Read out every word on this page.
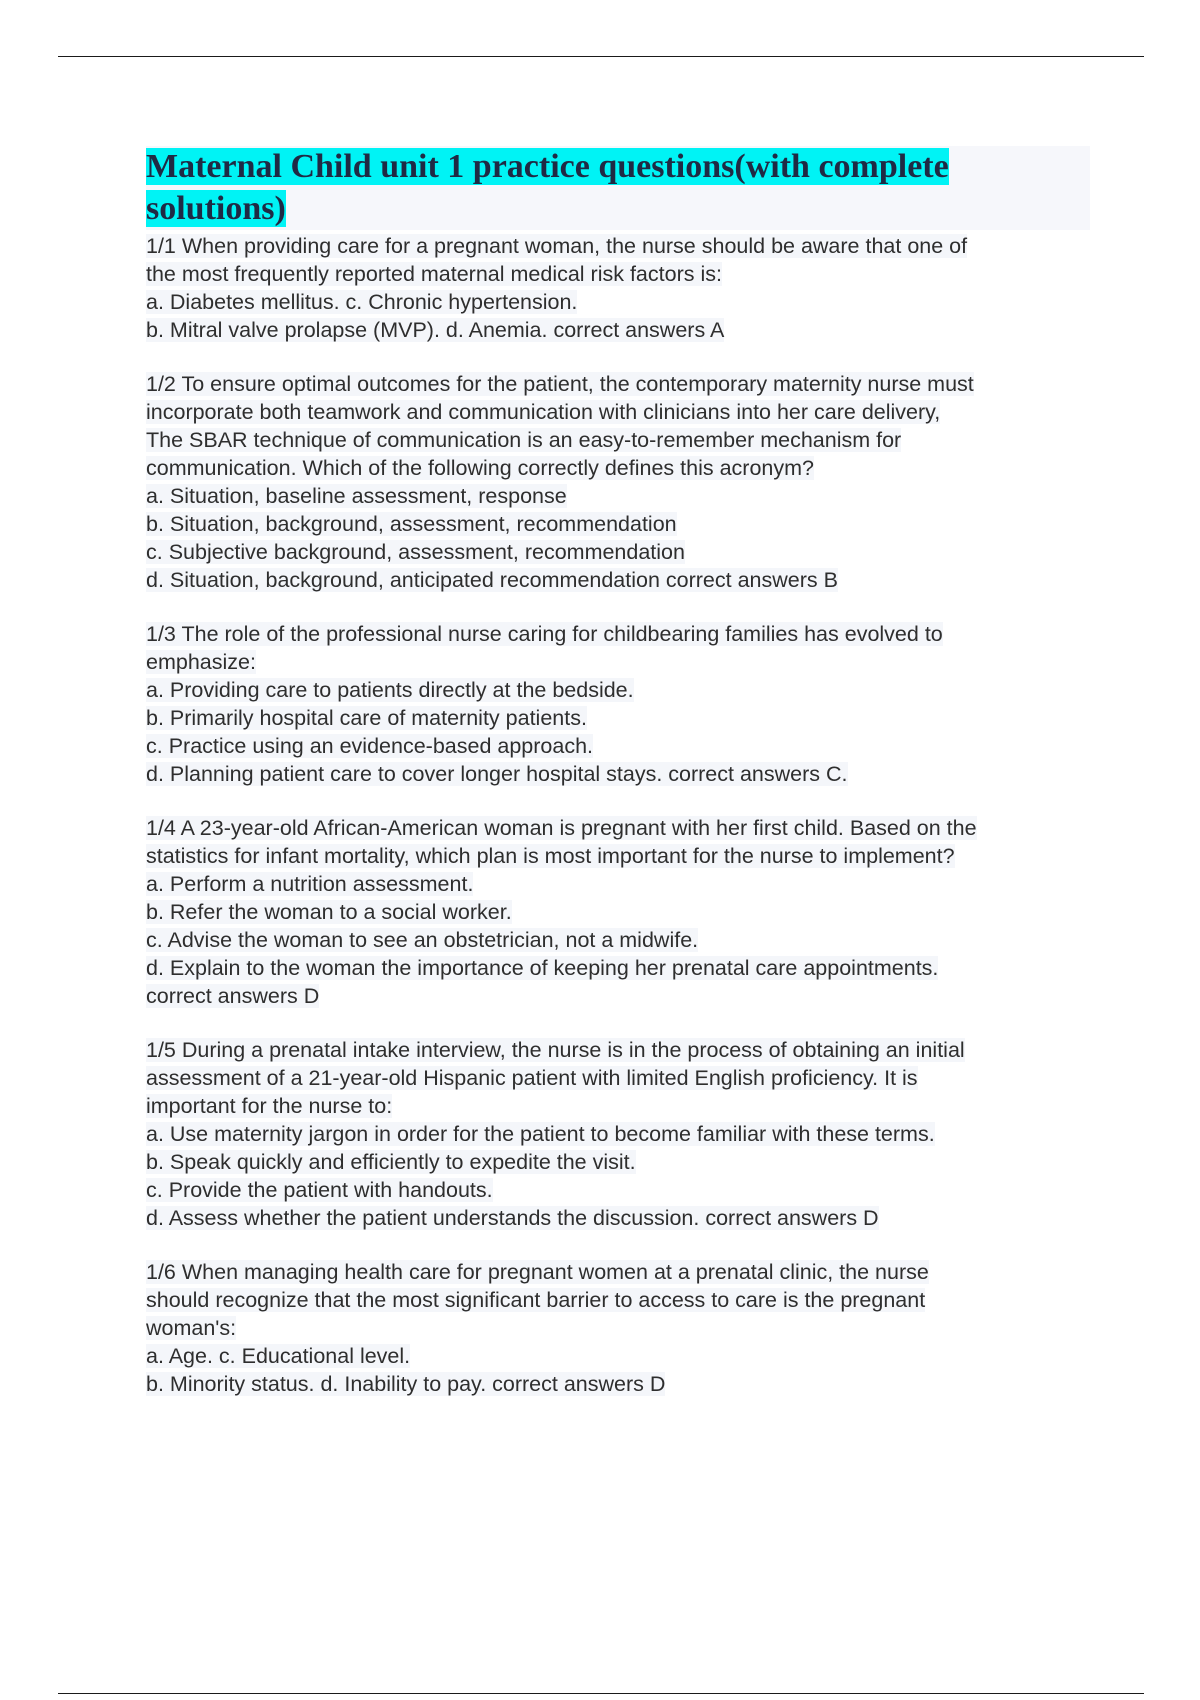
Maternal Child unit 1 practice questions(with complete
solutions)
1/1 When providing care for a pregnant woman, the nurse should be aware that one of
the most frequently reported maternal medical risk factors is:
a. Diabetes mellitus. c. Chronic hypertension.
b. Mitral valve prolapse (MVP). d. Anemia. correct answers A
1/2 To ensure optimal outcomes for the patient, the contemporary maternity nurse must
incorporate both teamwork and communication with clinicians into her care delivery,
The SBAR technique of communication is an easy-to-remember mechanism for
communication. Which of the following correctly defines this acronym?
a. Situation, baseline assessment, response
b. Situation, background, assessment, recommendation
c. Subjective background, assessment, recommendation
d. Situation, background, anticipated recommendation correct answers B
1/3 The role of the professional nurse caring for childbearing families has evolved to
emphasize:
a. Providing care to patients directly at the bedside.
b. Primarily hospital care of maternity patients.
c. Practice using an evidence-based approach.
d. Planning patient care to cover longer hospital stays. correct answers C.
1/4 A 23-year-old African-American woman is pregnant with her first child. Based on the
statistics for infant mortality, which plan is most important for the nurse to implement?
a. Perform a nutrition assessment.
b. Refer the woman to a social worker.
c. Advise the woman to see an obstetrician, not a midwife.
d. Explain to the woman the importance of keeping her prenatal care appointments.
correct answers D
1/5 During a prenatal intake interview, the nurse is in the process of obtaining an initial
assessment of a 21-year-old Hispanic patient with limited English proficiency. It is
important for the nurse to:
a. Use maternity jargon in order for the patient to become familiar with these terms.
b. Speak quickly and efficiently to expedite the visit.
c. Provide the patient with handouts.
d. Assess whether the patient understands the discussion. correct answers D
1/6 When managing health care for pregnant women at a prenatal clinic, the nurse
should recognize that the most significant barrier to access to care is the pregnant
woman's:
a. Age. c. Educational level.
b. Minority status. d. Inability to pay. correct answers D
